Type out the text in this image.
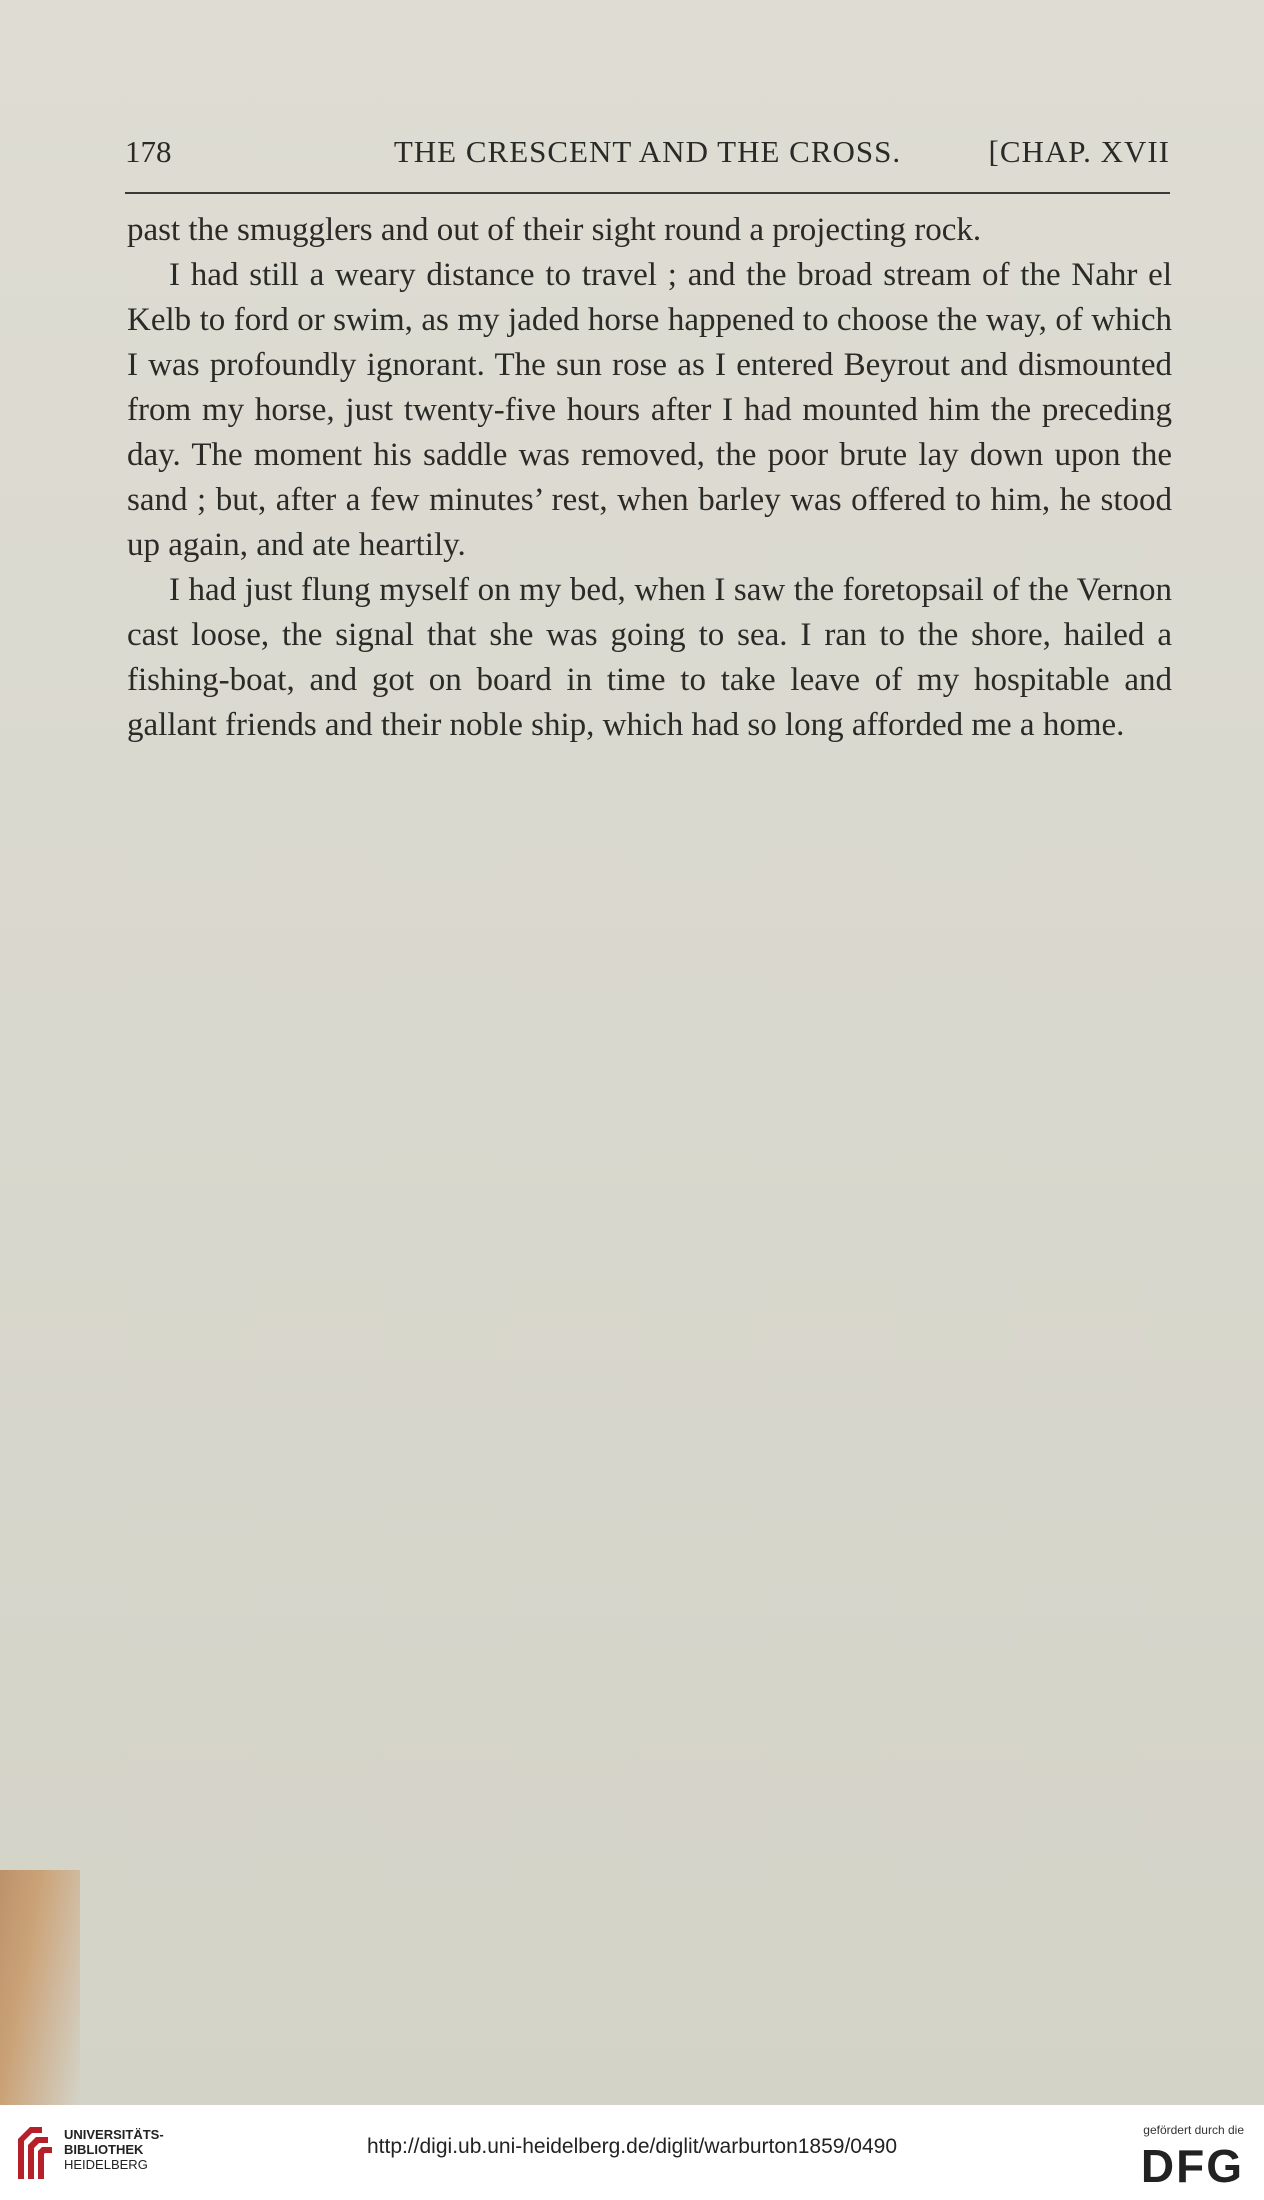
178	THE CRESCENT AND THE CROSS.	[CHAP. XVII

past the smugglers and out of their sight round a projecting rock.

I had still a weary distance to travel ; and the broad stream of the Nahr el Kelb to ford or swim, as my jaded horse happened to choose the way, of which I was profoundly ignorant. The sun rose as I entered Beyrout and dismounted from my horse, just twenty-five hours after I had mounted him the preceding day. The moment his saddle was removed, the poor brute lay down upon the sand ; but, after a few minutes’ rest, when barley was offered to him, he stood up again, and ate heartily.

I had just flung myself on my bed, when I saw the foretopsail of the Vernon cast loose, the signal that she was going to sea. I ran to the shore, hailed a fishing-boat, and got on board in time to take leave of my hospitable and gallant friends and their noble ship, which had so long afforded me a home.

UNIVERSITÄTS-
BIBLIOTHEK
HEIDELBERG
http://digi.ub.uni-heidelberg.de/diglit/warburton1859/0490
gefördert durch die
DFG
